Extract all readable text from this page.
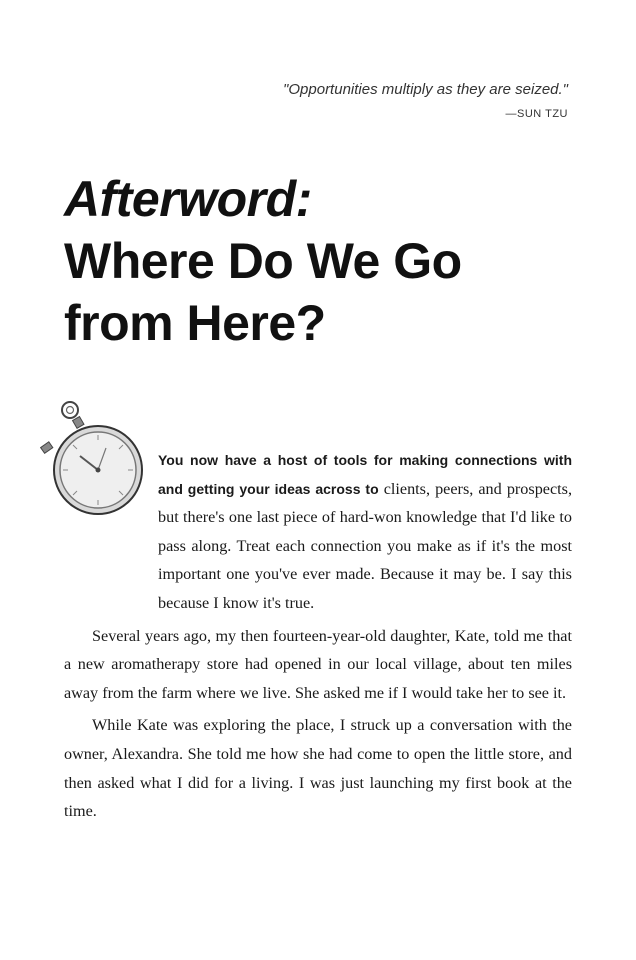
"Opportunities multiply as they are seized."
—SUN TZU
Afterword:
Where Do We Go
from Here?

You now have a host of tools for making connections with and getting your ideas across to clients, peers, and prospects, but there's one last piece of hard-won knowledge that I'd like to pass along. Treat each connection you make as if it's the most important one you've ever made. Because it may be. I say this because I know it's true.

Several years ago, my then fourteen-year-old daughter, Kate, told me that a new aromatherapy store had opened in our local village, about ten miles away from the farm where we live. She asked me if I would take her to see it.

While Kate was exploring the place, I struck up a conversation with the owner, Alexandra. She told me how she had come to open the little store, and then asked what I did for a living. I was just launching my first book at the time.
